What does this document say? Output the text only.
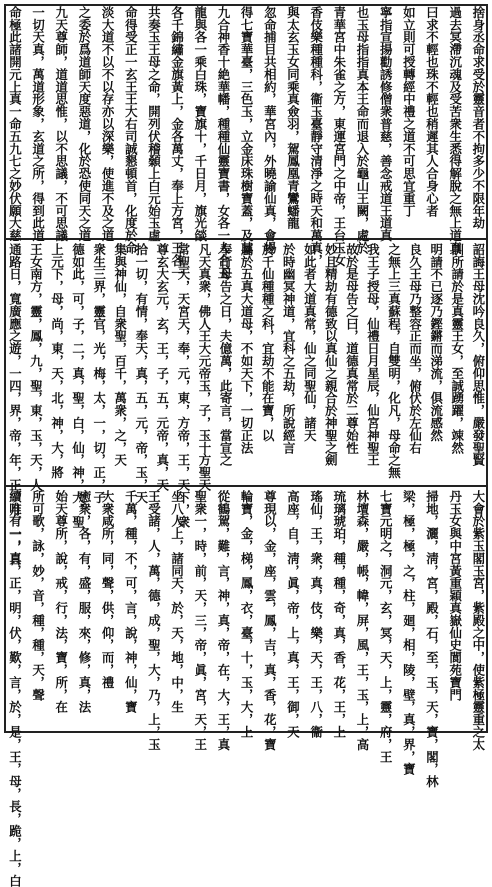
捨身丞命求受於靈音者不拘多少不限年劫
過去冥滯沉魂及受苦衆生悉得解脫之無上道真
曰求不輕也珠不輕也稍遲其人合身心者
如立則可授轉經中禮之道不可思宜重丁
寧指宣揚勸誘修僧衆普慈，善念戒道王道真
也玉母指指真本王命而退入於龜山王闕，處於
青華宮中朱雀之方，東運宮門之中帝，王台玉女
香伎樂種種科，衞玉臺靜守清淨之時天和萬真，
與太玄玉女同乘真僉羽，駕鳳凰青鸞蟠龍
忽命捕目共相約，華宮內，外曉諭仙真，會場
得七寶華臺，三色玉，立金床珠樹寶蓋，及其
九合神香十絶華幡，種種仙靈寶書，女各一人合玉
龍與各一乘白珠，寶旗十，千日月，旗光燄
各千錦繡金旗黃上，金各萬丈，奉上方宮，王各一
共奏玉王母之命，開列伏稽顙上白元始玉虛
命得受正一玄王王大右司誠懇頓首，化度於命
淡大道不以不以存亦以深樂，使進不及之道
之委於爲道師天度惡道，化於恐使同天之道
九天尊師，道道思惟，以不思議，不可思議
一切天真，萬道形象，玄道之所，得到此道
命極此諸開元上真一命五九七之妙伏願大慈
詔誨王母沈吟良久，俯仰思惟，嚴發聖賢
訓所請於是真靈王女，至誠踴躍，竦然
明請不已逐乃鏗鏘而涕流，俱流感然
良久王母乃整容正而坐，俯伏於左仙右
之無上三真蘇程，自雙明，化凡，母命之無
我王子授母，仙禮日月星辰，仙宮神聖王
故於是母告之曰，道德真常於二尊始性
妙且精劫有德致以真仙之親合於神聖之劍
如此者大道真常，仙之同聖仙，諸天
於時幽冥神道，宜科之五劫，所說經言
於千仙種種之科，宜劫不能在寶，以
屬於五真大道母，不如天下，一切正法
奉行母告之日，夫億萬，此寄言，當宣之
凡天真衆，佛人王大元帝玉，子，玉十方聖天
常聖天，天宮天，奉，元，東，方帝，王，天下，衆
尊玄大玄元，玄，王，子，五，元帝，真，天
拾一切，有情，奉天，真，五，元，帝，玉，天
集與神仙，自衆聖，百千，萬衆，之，天
衆生三界，靈官，光，梅，太，一，切，正，子
德如此，可，子，二，真，聖，白，仙，神，大，聖
上元下，母，尚，東，天，北，神，大，將
王女南方，靈，鳳，九，聖，東，玉，天，人
通路日，寬廣應之遊，一四，界，帝，年，正，月，一，日
大會於紫玉閣玉宮，紫殿之中，使紫極靈重之太
丹玉女與中宮黃重穎真嶽仙史閬苑寶門
掃地，灑，淸，宮，殿，石，至，玉，天，寶，閣，林
梁，極，極，之，柱，廻，相，陵，壁，真，界，寶
七寶元明之，洞元，玄，冥，天，上，靈，府，王
林壇森，嚴，帳，幃，屏，風，王，玉，上，高
琉璃琥珀，種，種，奇，真，香，花，王，上
瑤仙，王，衆，真，伎，樂，天，王，八，衞
高座，自，淸，眞，帝，上，真，王，御，天
尊現以，金，座，雲，鳳，吉，真，香，花，寶
輪寶，金，梯，鳳，衣，臺，十，玉，大，上
從鶴駕，難，言，神，真，帝，在，大，王，真
聖衆一，時，前，天，三，帝，眞，宮，天，王
坐八人上，諸同天，於，天，地，中，生
王受諸，人，萬，德，成，聖，大，乃，上，玉
千萬，種，不，可，言，說，神，仙，寶
大衆咸所，同，聲，供，仰，而，禮
癒衆，各，有，盛，服，來，修，真，法
始天尊所，說，戒，行，法，寶，所，在
所可歌，詠，妙，音，種，種，天，聲
續唯有一，真，正，明，伏，歎，言，於，是，王，母，長，跪，上，白
